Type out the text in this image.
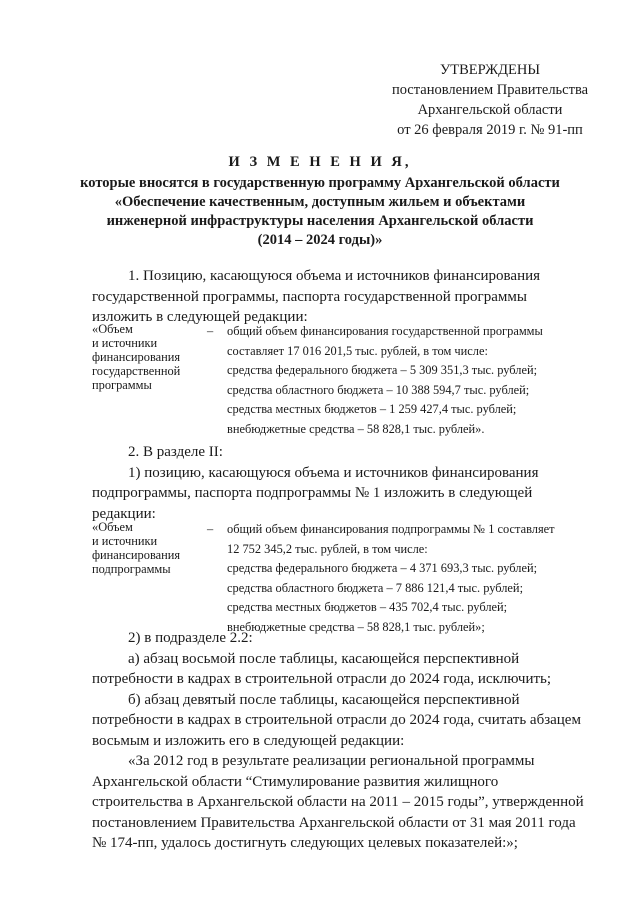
УТВЕРЖДЕНЫ
постановлением Правительства
Архангельской области
от 26 февраля 2019 г. № 91-пп
И З М Е Н Е Н И Я,
которые вносятся в государственную программу Архангельской области
«Обеспечение качественным, доступным жильем и объектами
инженерной инфраструктуры населения Архангельской области
(2014 – 2024 годы)»
1. Позицию, касающуюся объема и источников финансирования
государственной программы, паспорта государственной программы
изложить в следующей редакции:
«Объем
и источники
финансирования
государственной
программы
– общий объем финансирования государственной программы
составляет 17 016 201,5 тыс. рублей, в том числе:
средства федерального бюджета – 5 309 351,3 тыс. рублей;
средства областного бюджета – 10 388 594,7 тыс. рублей;
средства местных бюджетов – 1 259 427,4 тыс. рублей;
внебюджетные средства – 58 828,1 тыс. рублей».
2. В разделе II:
1) позицию, касающуюся объема и источников финансирования
подпрограммы, паспорта подпрограммы № 1 изложить в следующей
редакции:
«Объем
и источники
финансирования
подпрограммы
– общий объем финансирования подпрограммы № 1 составляет
12 752 345,2 тыс. рублей, в том числе:
средства федерального бюджета – 4 371 693,3 тыс. рублей;
средства областного бюджета – 7 886 121,4 тыс. рублей;
средства местных бюджетов – 435 702,4 тыс. рублей;
внебюджетные средства – 58 828,1 тыс. рублей»;
2) в подразделе 2.2:
а) абзац восьмой после таблицы, касающейся перспективной
потребности в кадрах в строительной отрасли до 2024 года, исключить;
б) абзац девятый после таблицы, касающейся перспективной
потребности в кадрах в строительной отрасли до 2024 года, считать абзацем
восьмым и изложить его в следующей редакции:
«За 2012 год в результате реализации региональной программы
Архангельской области “Стимулирование развития жилищного
строительства в Архангельской области на 2011 – 2015 годы”, утвержденной
постановлением Правительства Архангельской области от 31 мая 2011 года
№ 174-пп, удалось достигнуть следующих целевых показателей:»;
